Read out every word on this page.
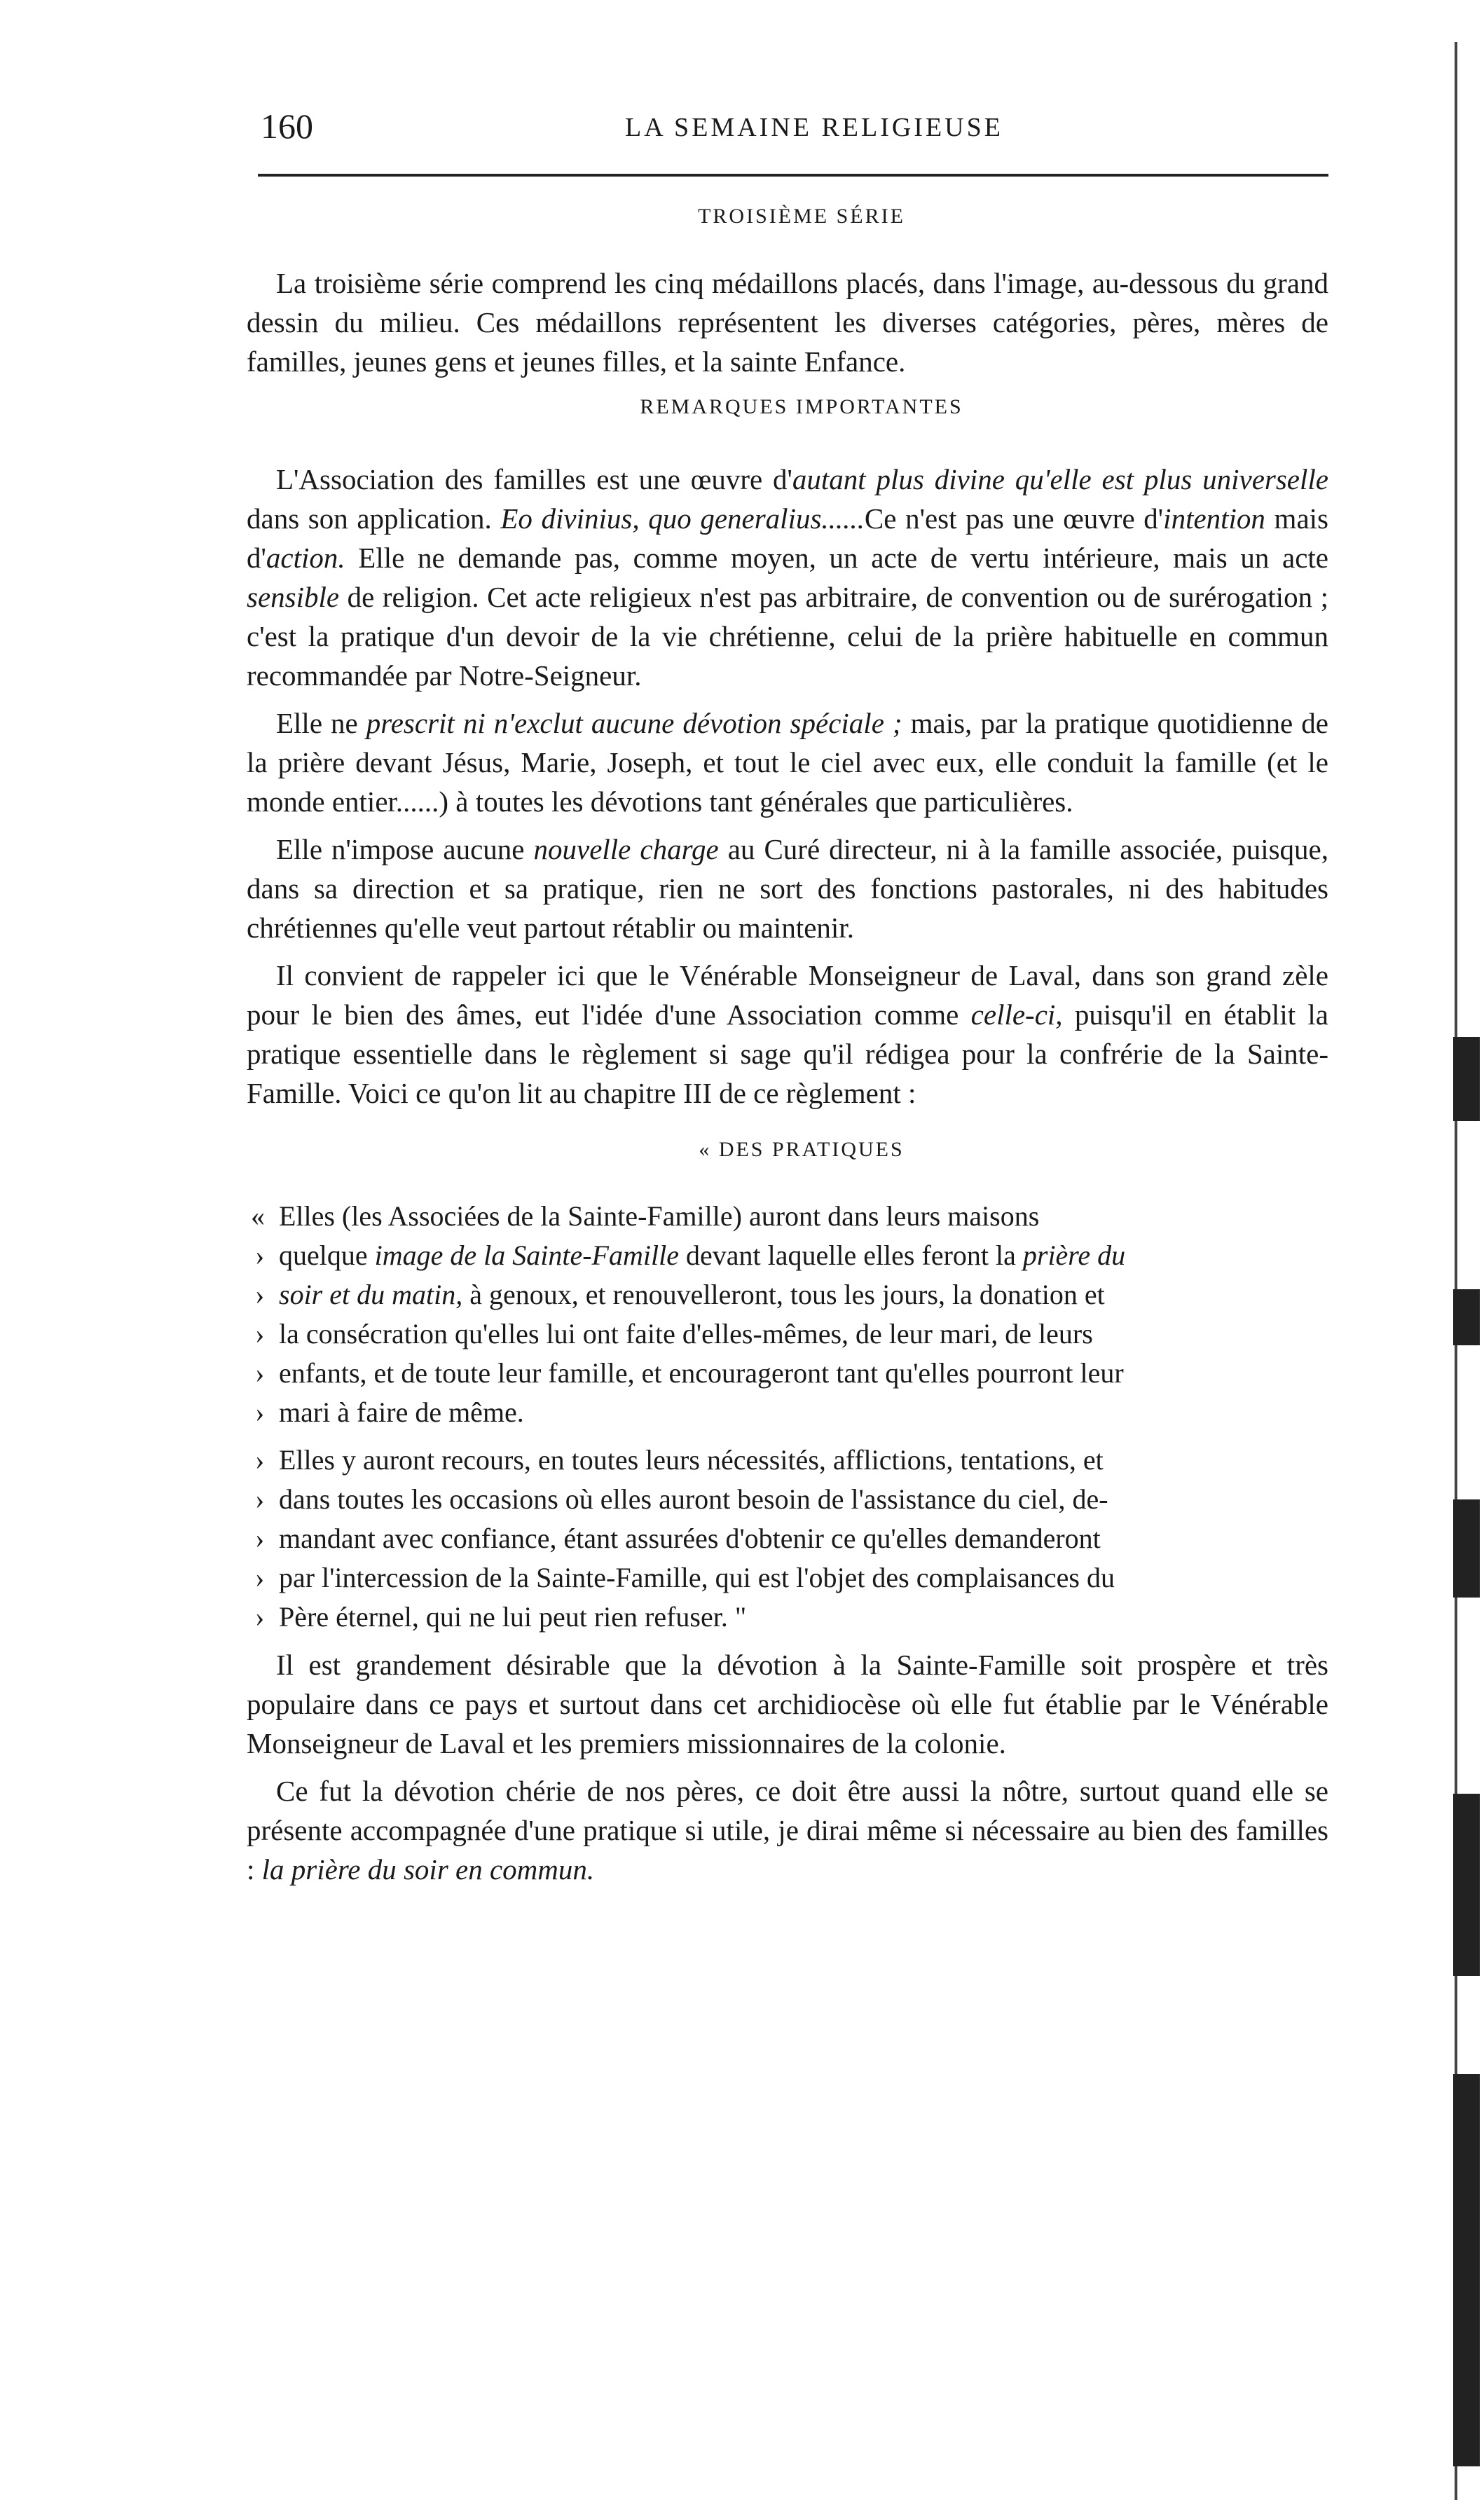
160	LA SEMAINE RELIGIEUSE
TROISIÈME SÉRIE

La troisième série comprend les cinq médaillons placés, dans l'image, au-dessous du grand dessin du milieu. Ces médaillons représentent les diverses catégories, pères, mères de familles, jeunes gens et jeunes filles, et la sainte Enfance.

REMARQUES IMPORTANTES

L'Association des familles est une œuvre d'autant plus divine qu'elle est plus universelle dans son application. Eo divinius, quo generalius......Ce n'est pas une œuvre d'intention mais d'action. Elle ne demande pas, comme moyen, un acte de vertu intérieure, mais un acte sensible de religion. Cet acte religieux n'est pas arbitraire, de convention ou de surérogation ; c'est la pratique d'un devoir de la vie chrétienne, celui de la prière habituelle en commun recommandée par Notre-Seigneur.

Elle ne prescrit ni n'exclut aucune dévotion spéciale ; mais, par la pratique quotidienne de la prière devant Jésus, Marie, Joseph, et tout le ciel avec eux, elle conduit la famille (et le monde entier......) à toutes les dévotions tant générales que particulières.

Elle n'impose aucune nouvelle charge au Curé directeur, ni à la famille associée, puisque, dans sa direction et sa pratique, rien ne sort des fonctions pastorales, ni des habitudes chrétiennes qu'elle veut partout rétablir ou maintenir.

Il convient de rappeler ici que le Vénérable Monseigneur de Laval, dans son grand zèle pour le bien des âmes, eut l'idée d'une Association comme celle-ci, puisqu'il en établit la pratique essentielle dans le règlement si sage qu'il rédigea pour la confrérie de la Sainte-Famille. Voici ce qu'on lit au chapitre III de ce règlement :

« DES PRATIQUES
« Elles (les Associées de la Sainte-Famille) auront dans leurs maisons
› quelque image de la Sainte-Famille devant laquelle elles feront la prière du
› soir et du matin, à genoux, et renouvelleront, tous les jours, la donation et
› la consécration qu'elles lui ont faite d'elles-mêmes, de leur mari, de leurs
› enfants, et de toute leur famille, et encourageront tant qu'elles pourront leur
› mari à faire de même.
› Elles y auront recours, en toutes leurs nécessités, afflictions, tentations, et
› dans toutes les occasions où elles auront besoin de l'assistance du ciel, de-
› mandant avec confiance, étant assurées d'obtenir ce qu'elles demanderont
› par l'intercession de la Sainte-Famille, qui est l'objet des complaisances du
› Père éternel, qui ne lui peut rien refuser. "

Il est grandement désirable que la dévotion à la Sainte-Famille soit prospère et très populaire dans ce pays et surtout dans cet archidiocèse où elle fut établie par le Vénérable Monseigneur de Laval et les premiers missionnaires de la colonie.

Ce fut la dévotion chérie de nos pères, ce doit être aussi la nôtre, surtout quand elle se présente accompagnée d'une pratique si utile, je dirai même si nécessaire au bien des familles : la prière du soir en commun.
